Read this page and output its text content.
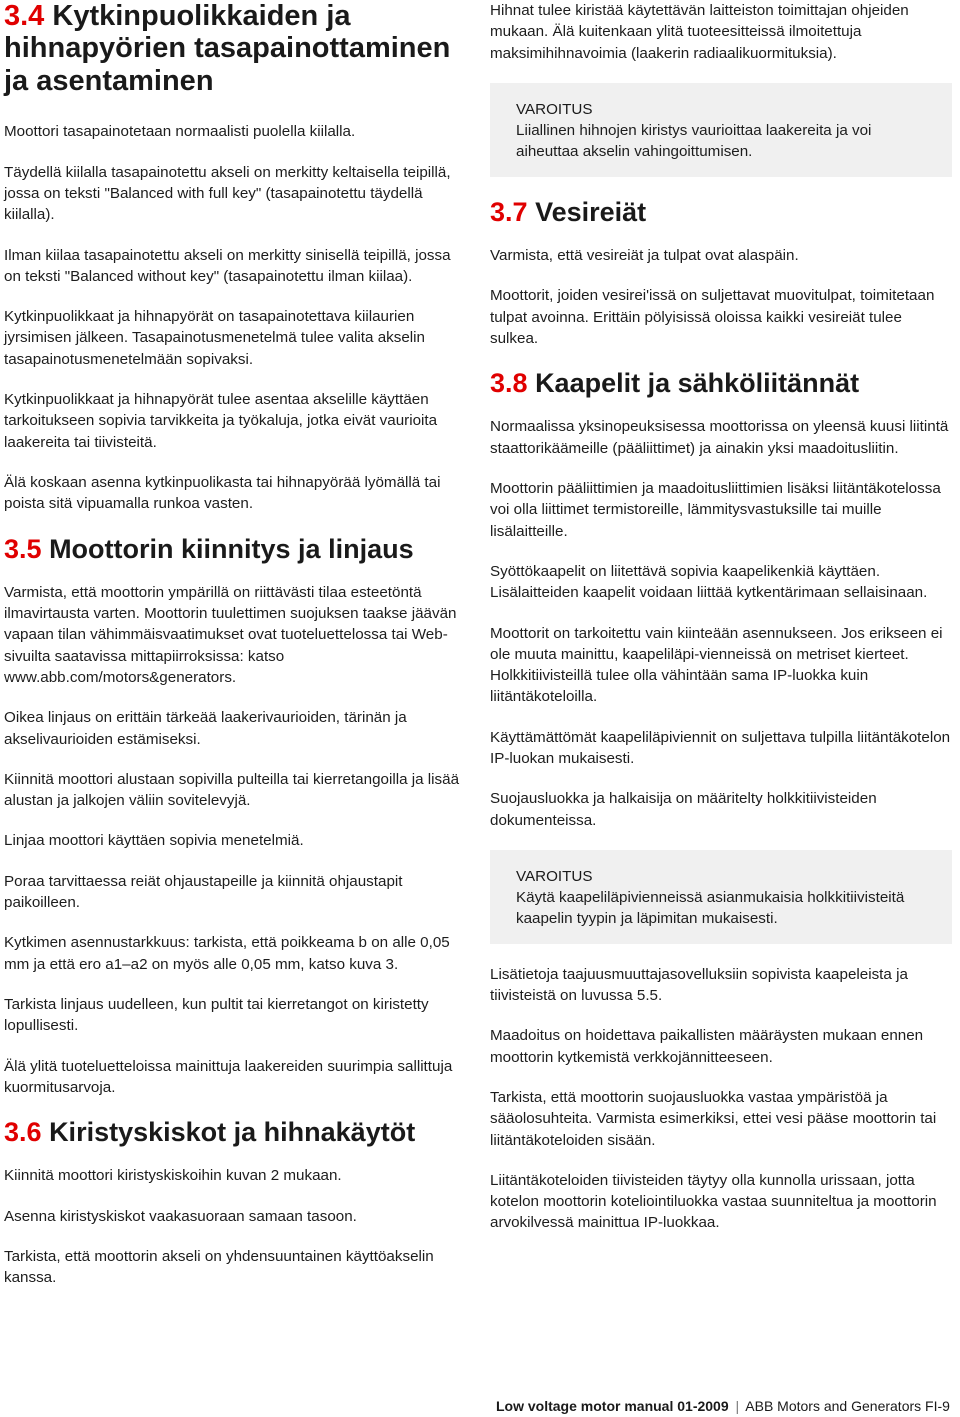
3.4 Kytkinpuolikkaiden ja hihnapyörien tasapainottaminen ja asentaminen

Moottori tasapainotetaan normaalisti puolella kiilalla.

Täydellä kiilalla tasapainotettu akseli on merkitty keltaisella teipillä, jossa on teksti "Balanced with full key" (tasapainotettu täydellä kiilalla).

Ilman kiilaa tasapainotettu akseli on merkitty sinisellä teipillä, jossa on teksti "Balanced without key" (tasapainotettu ilman kiilaa).

Kytkinpuolikkaat ja hihnapyörät on tasapainotettava kiilaurien jyrsimisen jälkeen. Tasapainotusmenetelmä tulee valita akselin tasapainotusmenetelmään sopivaksi.

Kytkinpuolikkaat ja hihnapyörät tulee asentaa akselille käyttäen tarkoitukseen sopivia tarvikkeita ja työkaluja, jotka eivät vaurioita laakereita tai tiivisteitä.

Älä koskaan asenna kytkinpuolikasta tai hihnapyörää lyömällä tai poista sitä vipuamalla runkoa vasten.

3.5 Moottorin kiinnitys ja linjaus

Varmista, että moottorin ympärillä on riittävästi tilaa esteetöntä ilmavirtausta varten. Moottorin tuulettimen suojuksen taakse jäävän vapaan tilan vähimmäisvaatimukset ovat tuoteluettelossa tai Web-sivuilta saatavissa mittapiirroksissa: katso www.abb.com/motors&generators.

Oikea linjaus on erittäin tärkeää laakerivaurioiden, tärinän ja akselivaurioiden estämiseksi.

Kiinnitä moottori alustaan sopivilla pulteilla tai kierretangoilla ja lisää alustan ja jalkojen väliin sovitelevyjä.

Linjaa moottori käyttäen sopivia menetelmiä.

Poraa tarvittaessa reiät ohjaustapeille ja kiinnitä ohjaustapit paikoilleen.

Kytkimen asennustarkkuus: tarkista, että poikkeama b on alle 0,05 mm ja että ero a1–a2 on myös alle 0,05 mm, katso kuva 3.

Tarkista linjaus uudelleen, kun pultit tai kierretangot on kiristetty lopullisesti.

Älä ylitä tuoteluetteloissa mainittuja laakereiden suurimpia sallittuja kuormitusarvoja.

3.6 Kiristyskiskot ja hihnakäytöt

Kiinnitä moottori kiristyskiskoihin kuvan 2 mukaan.

Asenna kiristyskiskot vaakasuoraan samaan tasoon.

Tarkista, että moottorin akseli on yhdensuuntainen käyttöakselin kanssa.

Hihnat tulee kiristää käytettävän laitteiston toimittajan ohjeiden mukaan. Älä kuitenkaan ylitä tuoteesitteissä ilmoitettuja maksimihihnavoimia (laakerin radiaalikuormituksia).

VAROITUS

Liiallinen hihnojen kiristys vaurioittaa laakereita ja voi aiheuttaa akselin vahingoittumisen.

3.7 Vesireiät

Varmista, että vesireiät ja tulpat ovat alaspäin.

Moottorit, joiden vesirei'issä on suljettavat muovitulpat, toimitetaan tulpat avoinna. Erittäin pölyisissä oloissa kaikki vesireiät tulee sulkea.

3.8 Kaapelit ja sähköliitännät

Normaalissa yksinopeuksisessa moottorissa on yleensä kuusi liitintä staattorikäämeille (pääliittimet) ja ainakin yksi maadoitusliitin.

Moottorin pääliittimien ja maadoitusliittimien lisäksi liitäntäkotelossa voi olla liittimet termistoreille, lämmitysvastuksille tai muille lisälaitteille.

Syöttökaapelit on liitettävä sopivia kaapelikenkiä käyttäen. Lisälaitteiden kaapelit voidaan liittää kytkentärimaan sellaisinaan.

Moottorit on tarkoitettu vain kiinteään asennukseen. Jos erikseen ei ole muuta mainittu, kaapeliläpi-vienneissä on metriset kierteet. Holkkitiivisteillä tulee olla vähintään sama IP-luokka kuin liitäntäkoteloilla.

Käyttämättömät kaapeliläpiviennit on suljettava tulpilla liitäntäkotelon IP-luokan mukaisesti.

Suojausluokka ja halkaisija on määritelty holkkitiivisteiden dokumenteissa.

VAROITUS

Käytä kaapeliläpivienneissä asianmukaisia holkkitiivisteitä kaapelin tyypin ja läpimitan mukaisesti.

Lisätietoja taajuusmuuttajasovelluksiin sopivista kaapeleista ja tiivisteistä on luvussa 5.5.

Maadoitus on hoidettava paikallisten määräysten mukaan ennen moottorin kytkemistä verkkojännitteeseen.

Tarkista, että moottorin suojausluokka vastaa ympäristöä ja sääolosuhteita. Varmista esimerkiksi, ettei vesi pääse moottorin tai liitäntäkoteloiden sisään.

Liitäntäkoteloiden tiivisteiden täytyy olla kunnolla urissaan, jotta kotelon moottorin koteliointiluokka vastaa suunniteltua ja moottorin arvokilvessä mainittua IP-luokkaa.

Low voltage motor manual 01-2009 | ABB Motors and Generators FI-9
